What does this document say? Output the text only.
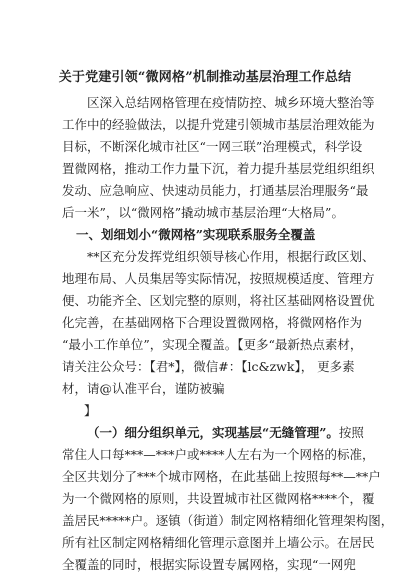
关于党建引领“微网格”机制推动基层治理工作总结
区深入总结网格管理在疫情防控、城乡环境大整治等
工作中的经验做法，以提升党建引领城市基层治理效能为
目标，不断深化城市社区“一网三联”治理模式，科学设
置微网格，推动工作力量下沉，着力提升基层党组织组织
发动、应急响应、快速动员能力，打通基层治理服务“最
后一米”，以“微网格”撬动城市基层治理“大格局”。
一、划细划小“微网格”实现联系服务全覆盖
**区充分发挥党组织领导核心作用，根据行政区划、
地理布局、人员集居等实际情况，按照规模适度、管理方
便、功能齐全、区划完整的原则，将社区基础网格设置优
化完善，在基础网格下合理设置微网格，将微网格作为
“最小工作单位”，实现全覆盖。【更多“最新热点素材，
请关注公众号：【君*】，微信#：【lc&zwk】， 更多素
材，请@认准平台，谨防被骗
】
（一）细分组织单元，实现基层“无缝管理”。按照
常住人口每***—***户或****人左右为一个网格的标准，
全区共划分了***个城市网格，在此基础上按照每**—**户
为一个微网格的原则，共设置城市社区微网格****个，覆
盖居民*****户。逐镇（街道）制定网格精细化管理架构图，
所有社区制定网格精细化管理示意图并上墙公示。在居民
全覆盖的同时，根据实际设置专属网格，实现“一网兜
